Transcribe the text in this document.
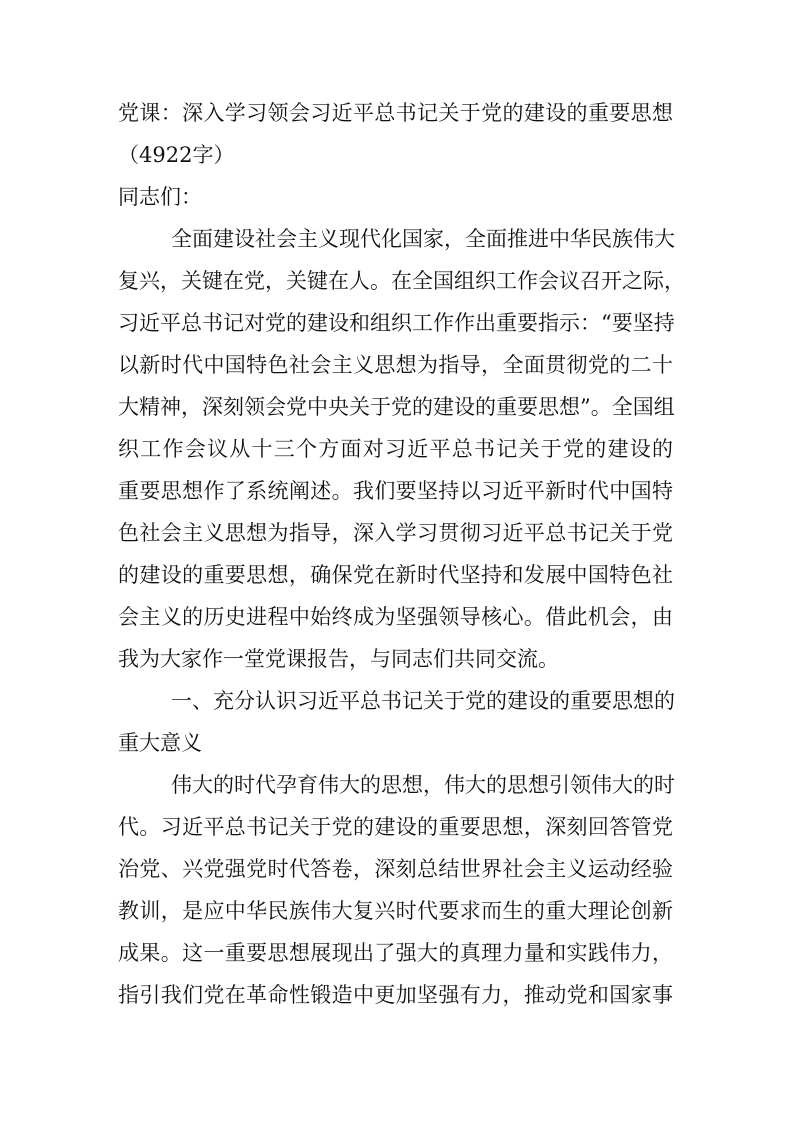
党课：深入学习领会习近平总书记关于党的建设的重要思想
（4922字）
同志们：
全面建设社会主义现代化国家，全面推进中华民族伟大
复兴，关键在党，关键在人。在全国组织工作会议召开之际，
习近平总书记对党的建设和组织工作作出重要指示：“要坚持
以新时代中国特色社会主义思想为指导，全面贯彻党的二十
大精神，深刻领会党中央关于党的建设的重要思想”。全国组
织工作会议从十三个方面对习近平总书记关于党的建设的
重要思想作了系统阐述。我们要坚持以习近平新时代中国特
色社会主义思想为指导，深入学习贯彻习近平总书记关于党
的建设的重要思想，确保党在新时代坚持和发展中国特色社
会主义的历史进程中始终成为坚强领导核心。借此机会，由
我为大家作一堂党课报告，与同志们共同交流。
一、充分认识习近平总书记关于党的建设的重要思想的
重大意义
伟大的时代孕育伟大的思想，伟大的思想引领伟大的时
代。习近平总书记关于党的建设的重要思想，深刻回答管党
治党、兴党强党时代答卷，深刻总结世界社会主义运动经验
教训，是应中华民族伟大复兴时代要求而生的重大理论创新
成果。这一重要思想展现出了强大的真理力量和实践伟力，
指引我们党在革命性锻造中更加坚强有力，推动党和国家事
